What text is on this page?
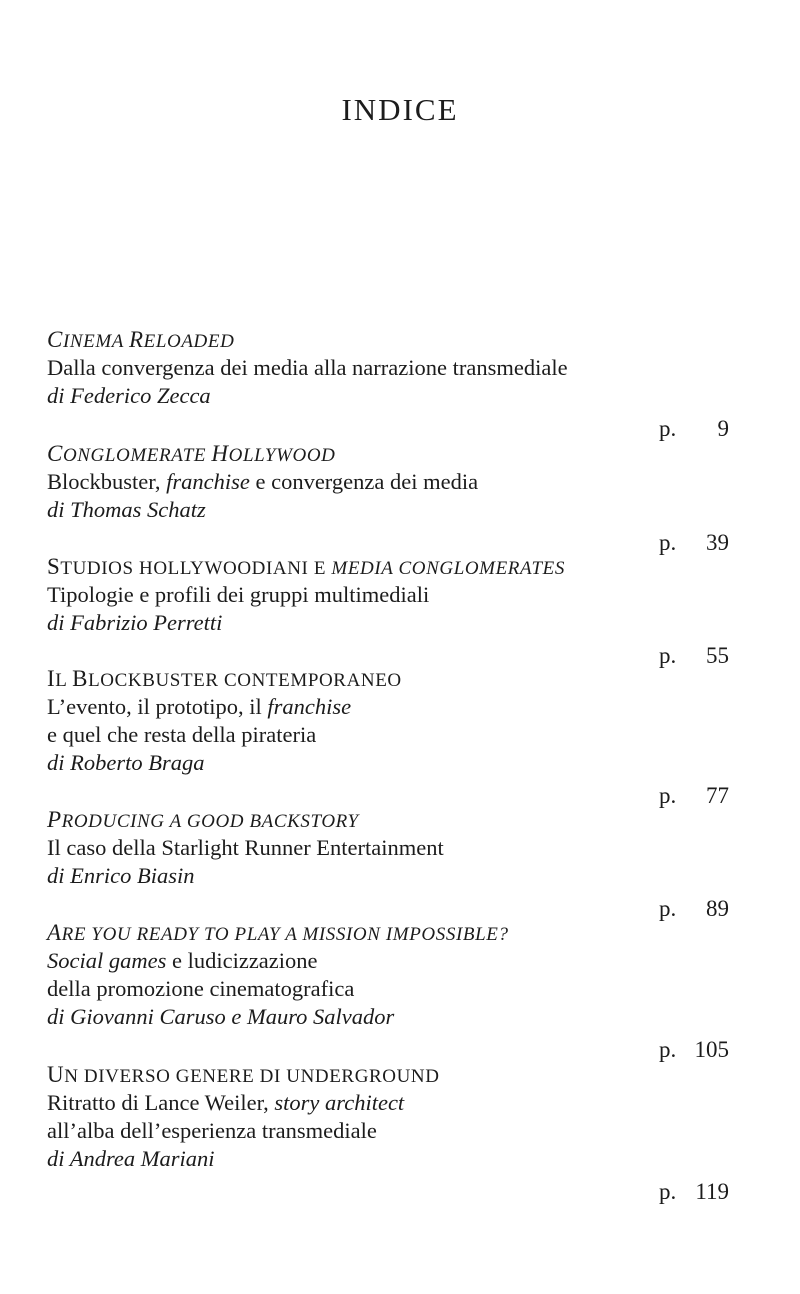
INDICE
CINEMA RELOADED
Dalla convergenza dei media alla narrazione transmediale
di Federico Zecca
p. 9
CONGLOMERATE HOLLYWOOD
Blockbuster, franchise e convergenza dei media
di Thomas Schatz
p. 39
STUDIOS HOLLYWOODIANI E MEDIA CONGLOMERATES
Tipologie e profili dei gruppi multimediali
di Fabrizio Perretti
p. 55
IL BLOCKBUSTER CONTEMPORANEO
L’evento, il prototipo, il franchise
e quel che resta della pirateria
di Roberto Braga
p. 77
PRODUCING A GOOD BACKSTORY
Il caso della Starlight Runner Entertainment
di Enrico Biasin
p. 89
ARE YOU READY TO PLAY A MISSION IMPOSSIBLE?
Social games e ludicizzazione
della promozione cinematografica
di Giovanni Caruso e Mauro Salvador
p. 105
UN DIVERSO GENERE DI UNDERGROUND
Ritratto di Lance Weiler, story architect
all’alba dell’esperienza transmediale
di Andrea Mariani
p. 119
